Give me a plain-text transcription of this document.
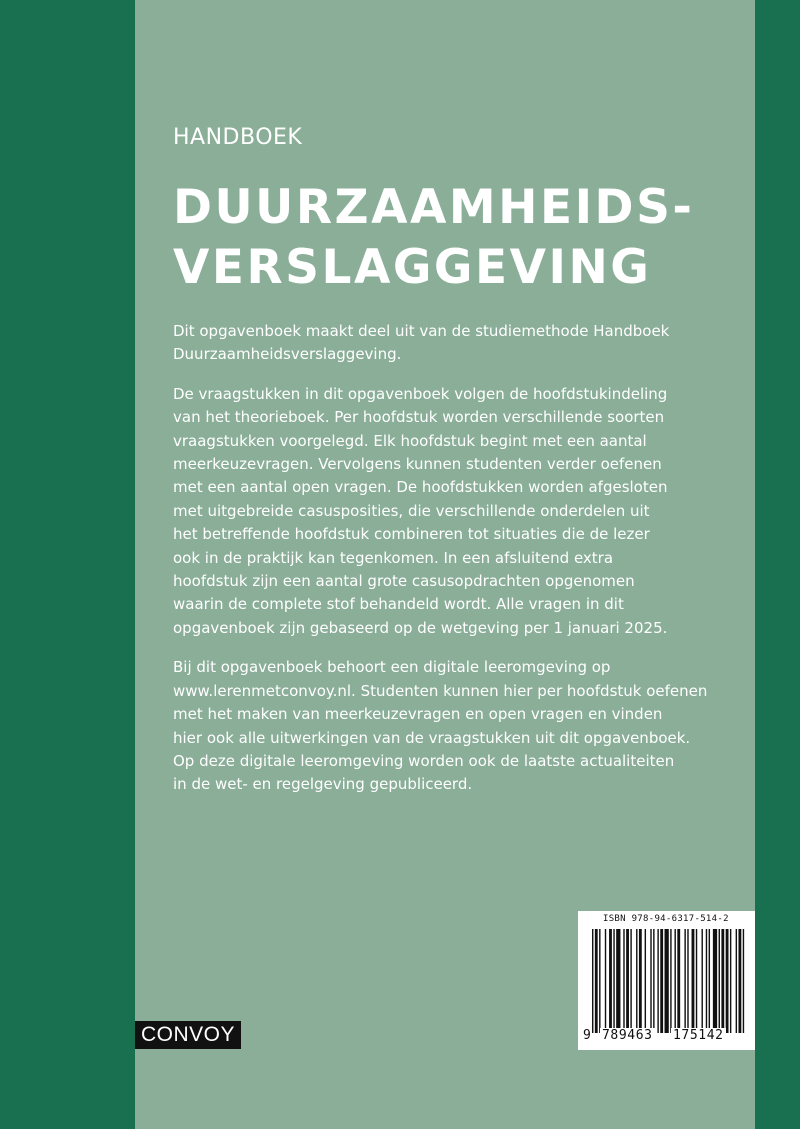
HANDBOEK
DUURZAAMHEIDS-
VERSLAGGEVING

Dit opgavenboek maakt deel uit van de studiemethode Handboek
Duurzaamheidsverslaggeving.

De vraagstukken in dit opgavenboek volgen de hoofdstukindeling
van het theorieboek. Per hoofdstuk worden verschillende soorten
vraagstukken voorgelegd. Elk hoofdstuk begint met een aantal
meerkeuzevragen. Vervolgens kunnen studenten verder oefenen
met een aantal open vragen. De hoofdstukken worden afgesloten
met uitgebreide casusposities, die verschillende onderdelen uit
het betreffende hoofdstuk combineren tot situaties die de lezer
ook in de praktijk kan tegenkomen. In een afsluitend extra
hoofdstuk zijn een aantal grote casusopdrachten opgenomen
waarin de complete stof behandeld wordt. Alle vragen in dit
opgavenboek zijn gebaseerd op de wetgeving per 1 januari 2025.

Bij dit opgavenboek behoort een digitale leeromgeving op
www.lerenmetconvoy.nl. Studenten kunnen hier per hoofdstuk oefenen
met het maken van meerkeuzevragen en open vragen en vinden
hier ook alle uitwerkingen van de vraagstukken uit dit opgavenboek.
Op deze digitale leeromgeving worden ook de laatste actualiteiten
in de wet- en regelgeving gepubliceerd.

CONVOY
ISBN 978-94-6317-514-2
9 789463 175142
